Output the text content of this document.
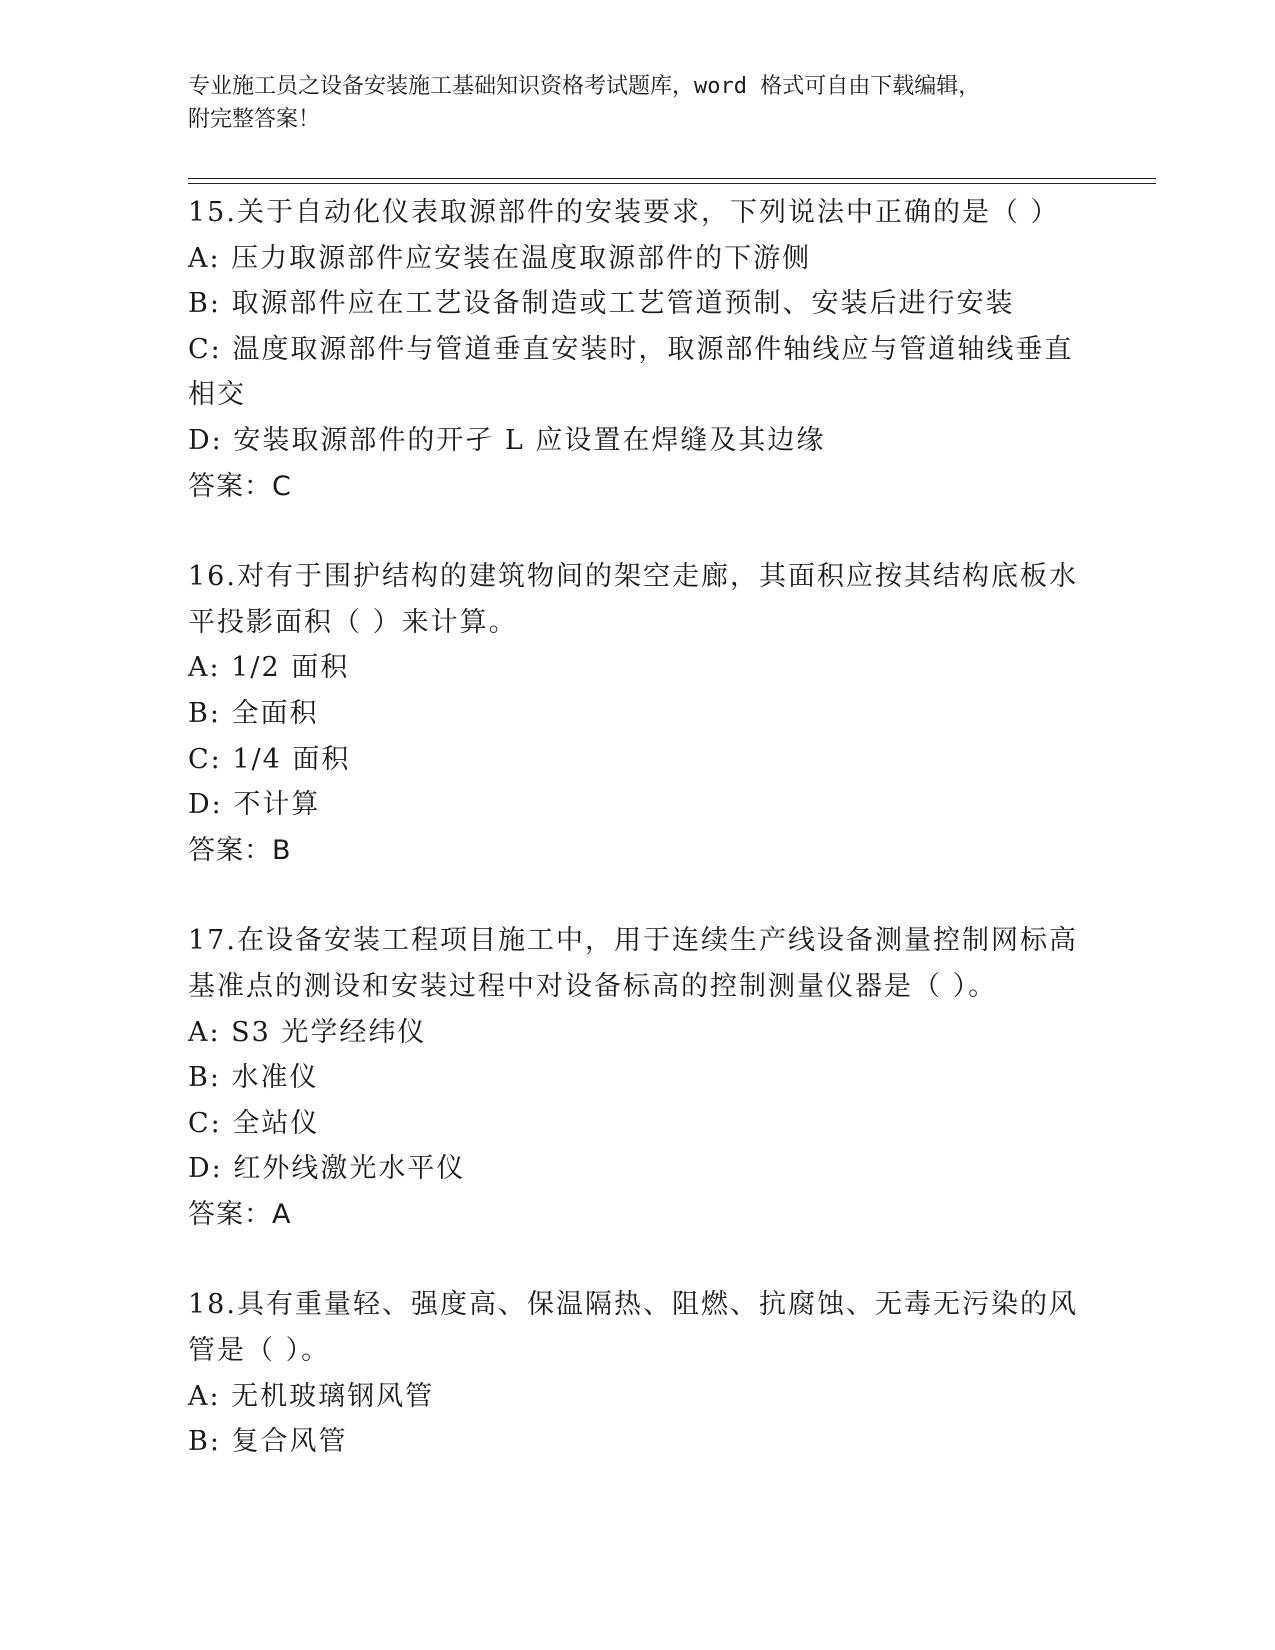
专业施工员之设备安装施工基础知识资格考试题库，word 格式可自由下载编辑，

附完整答案！

15.关于自动化仪表取源部件的安装要求，下列说法中正确的是（ ）

A: 压力取源部件应安装在温度取源部件的下游侧

B: 取源部件应在工艺设备制造或工艺管道预制、安装后进行安装

C: 温度取源部件与管道垂直安装时，取源部件轴线应与管道轴线垂直相交

D: 安装取源部件的开孑 L 应设置在焊缝及其边缘

答案：C

16.对有于围护结构的建筑物间的架空走廊，其面积应按其结构底板水平投影面积（ ）来计算。

A: 1/2 面积

B: 全面积

C: 1/4 面积

D: 不计算

答案：B

17.在设备安装工程项目施工中，用于连续生产线设备测量控制网标高基准点的测设和安装过程中对设备标高的控制测量仪器是（ ）。

A: S3 光学经纬仪

B: 水准仪

C: 全站仪

D: 红外线激光水平仪

答案：A

18.具有重量轻、强度高、保温隔热、阻燃、抗腐蚀、无毒无污染的风管是（ ）。

A: 无机玻璃钢风管

B: 复合风管
